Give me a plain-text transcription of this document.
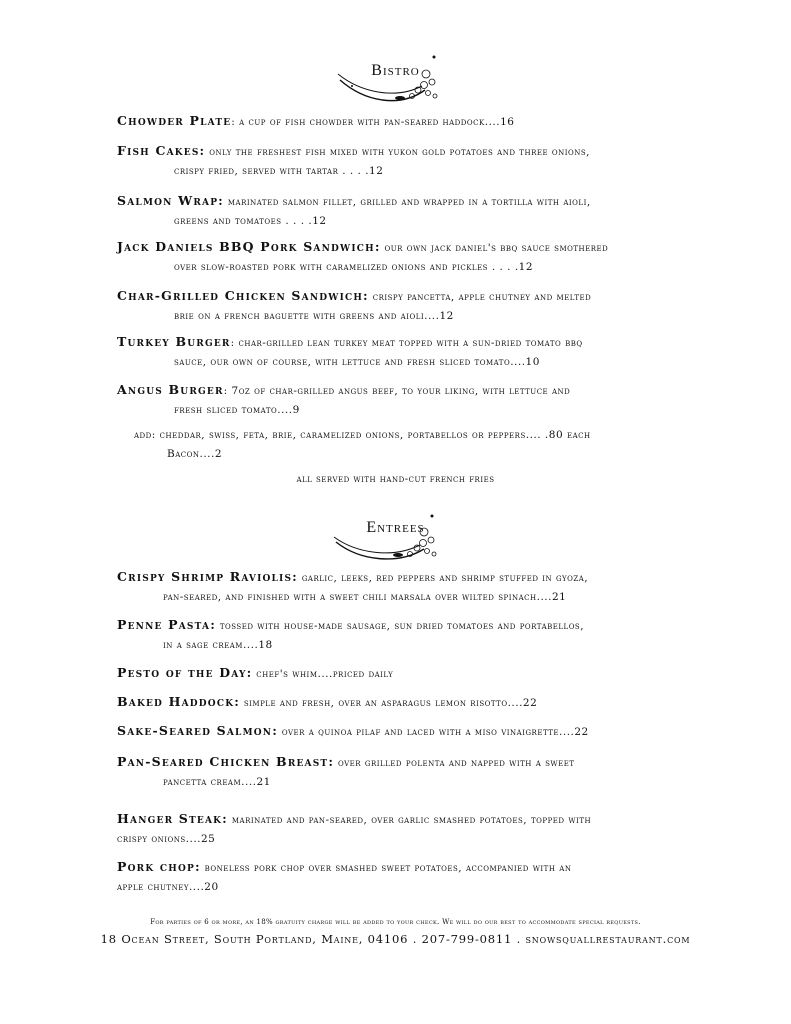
Bistro
Chowder Plate: a cup of fish chowder with pan-seared haddock....16
Fish Cakes: only the freshest fish mixed with yukon gold potatoes and three onions,
crispy fried, served with tartar . . . .12
Salmon Wrap: marinated salmon fillet, grilled and wrapped in a tortilla with aioli,
greens and tomatoes . . . .12
Jack Daniels BBQ Pork Sandwich: our own jack daniel's bbq sauce smothered
over slow-roasted pork with caramelized onions and pickles . . . .12
Char-Grilled Chicken Sandwich: crispy pancetta, apple chutney and melted
brie on a french baguette with greens and aioli....12
Turkey Burger: char-grilled lean turkey meat topped with a sun-dried tomato bbq
sauce, our own of course, with lettuce and fresh sliced tomato....10
Angus Burger: 7oz of char-grilled angus beef, to your liking, with lettuce and
fresh sliced tomato....9
add: cheddar, swiss, feta, brie, caramelized onions, portabellos or peppers.... .80 each
Bacon....2
all served with hand-cut french fries
Entrees
Crispy Shrimp Raviolis: garlic, leeks, red peppers and shrimp stuffed in gyoza,
pan-seared, and finished with a sweet chili marsala over wilted spinach....21
Penne Pasta: tossed with house-made sausage, sun dried tomatoes and portabellos,
in a sage cream....18
Pesto of the Day: chef's whim....priced daily
Baked Haddock: simple and fresh, over an asparagus lemon risotto....22
Sake-Seared Salmon: over a quinoa pilaf and laced with a miso vinaigrette....22
Pan-Seared Chicken Breast: over grilled polenta and napped with a sweet
pancetta cream....21
Hanger Steak: marinated and pan-seared, over garlic smashed potatoes, topped with
crispy onions....25
Pork chop: boneless pork chop over smashed sweet potatoes, accompanied with an
apple chutney....20
For parties of 6 or more, an 18% gratuity charge will be added to your check. We will do our best to accommodate special requests.
18 Ocean Street, South Portland, Maine, 04106 . 207-799-0811 . snowsquallrestaurant.com
